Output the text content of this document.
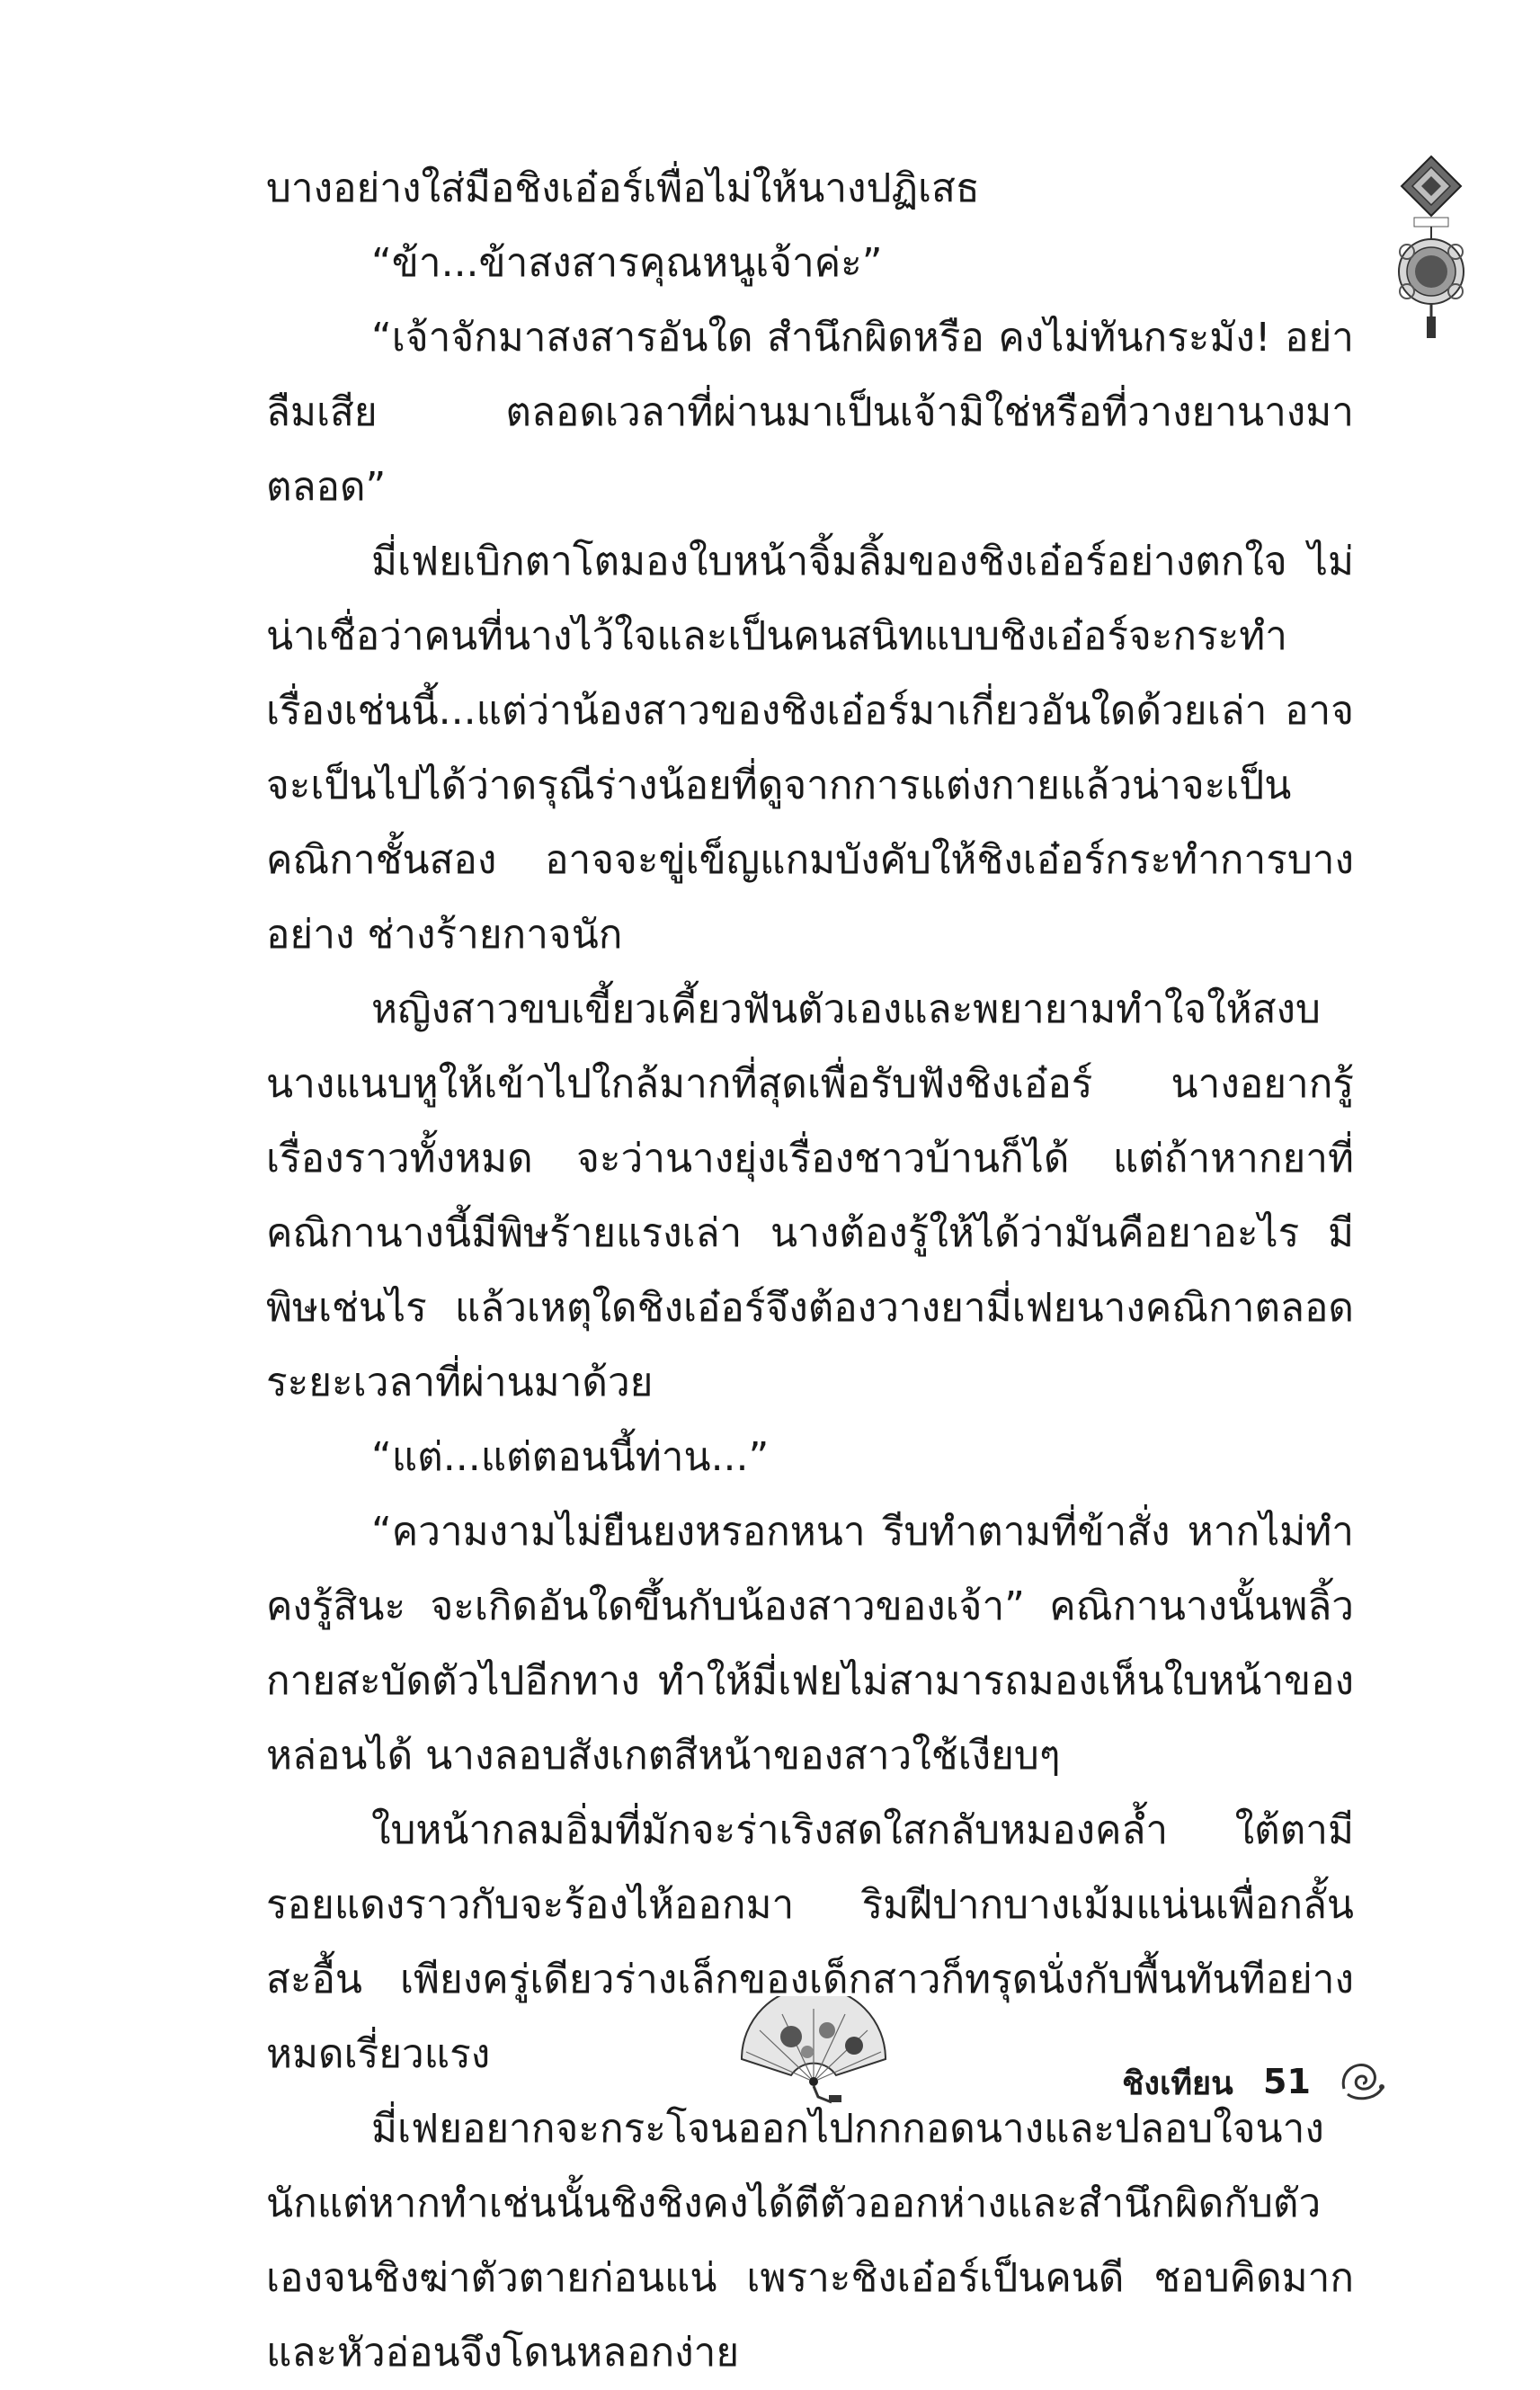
บางอย่างใส่มือชิงเอ๋อร์เพื่อไม่ให้นางปฏิเสธ

“ข้า...ข้าสงสารคุณหนูเจ้าค่ะ”

“เจ้าจักมาสงสารอันใด สำนึกผิดหรือ คงไม่ทันกระมัง! อย่าลืมเสีย ตลอดเวลาที่ผ่านมาเป็นเจ้ามิใช่หรือที่วางยานางมาตลอด”

มี่เฟยเบิกตาโตมองใบหน้าจิ้มลิ้มของชิงเอ๋อร์อย่างตกใจ ไม่น่าเชื่อว่าคนที่นางไว้ใจและเป็นคนสนิทแบบชิงเอ๋อร์จะกระทำเรื่องเช่นนี้...แต่ว่าน้องสาวของชิงเอ๋อร์มาเกี่ยวอันใดด้วยเล่า อาจจะเป็นไปได้ว่าดรุณีร่างน้อยที่ดูจากการแต่งกายแล้วน่าจะเป็นคณิกาชั้นสอง อาจจะขู่เข็ญแกมบังคับให้ชิงเอ๋อร์กระทำการบางอย่าง ช่างร้ายกาจนัก

หญิงสาวขบเขี้ยวเคี้ยวฟันตัวเองและพยายามทำใจให้สงบ นางแนบหูให้เข้าไปใกล้มากที่สุดเพื่อรับฟังชิงเอ๋อร์ นางอยากรู้เรื่องราวทั้งหมด จะว่านางยุ่งเรื่องชาวบ้านก็ได้ แต่ถ้าหากยาที่คณิกานางนี้มีพิษร้ายแรงเล่า นางต้องรู้ให้ได้ว่ามันคือยาอะไร มีพิษเช่นไร แล้วเหตุใดชิงเอ๋อร์จึงต้องวางยามี่เฟยนางคณิกาตลอดระยะเวลาที่ผ่านมาด้วย

“แต่...แต่ตอนนี้ท่าน...”

“ความงามไม่ยืนยงหรอกหนา รีบทำตามที่ข้าสั่ง หากไม่ทำคงรู้สินะ จะเกิดอันใดขึ้นกับน้องสาวของเจ้า” คณิกานางนั้นพลิ้วกายสะบัดตัวไปอีกทาง ทำให้มี่เฟยไม่สามารถมองเห็นใบหน้าของหล่อนได้ นางลอบสังเกตสีหน้าของสาวใช้เงียบๆ

ใบหน้ากลมอิ่มที่มักจะร่าเริงสดใสกลับหมองคล้ำ ใต้ตามีรอยแดงราวกับจะร้องไห้ออกมา ริมฝีปากบางเม้มแน่นเพื่อกลั้นสะอื้น เพียงครู่เดียวร่างเล็กของเด็กสาวก็ทรุดนั่งกับพื้นทันทีอย่างหมดเรี่ยวแรง

มี่เฟยอยากจะกระโจนออกไปกกกอดนางและปลอบใจนางนักแต่หากทำเช่นนั้นชิงชิงคงได้ตีตัวออกห่างและสำนึกผิดกับตัวเองจนชิงฆ่าตัวตายก่อนแน่ เพราะชิงเอ๋อร์เป็นคนดี ชอบคิดมาก และหัวอ่อนจึงโดนหลอกง่าย

ชิงเทียน 51
